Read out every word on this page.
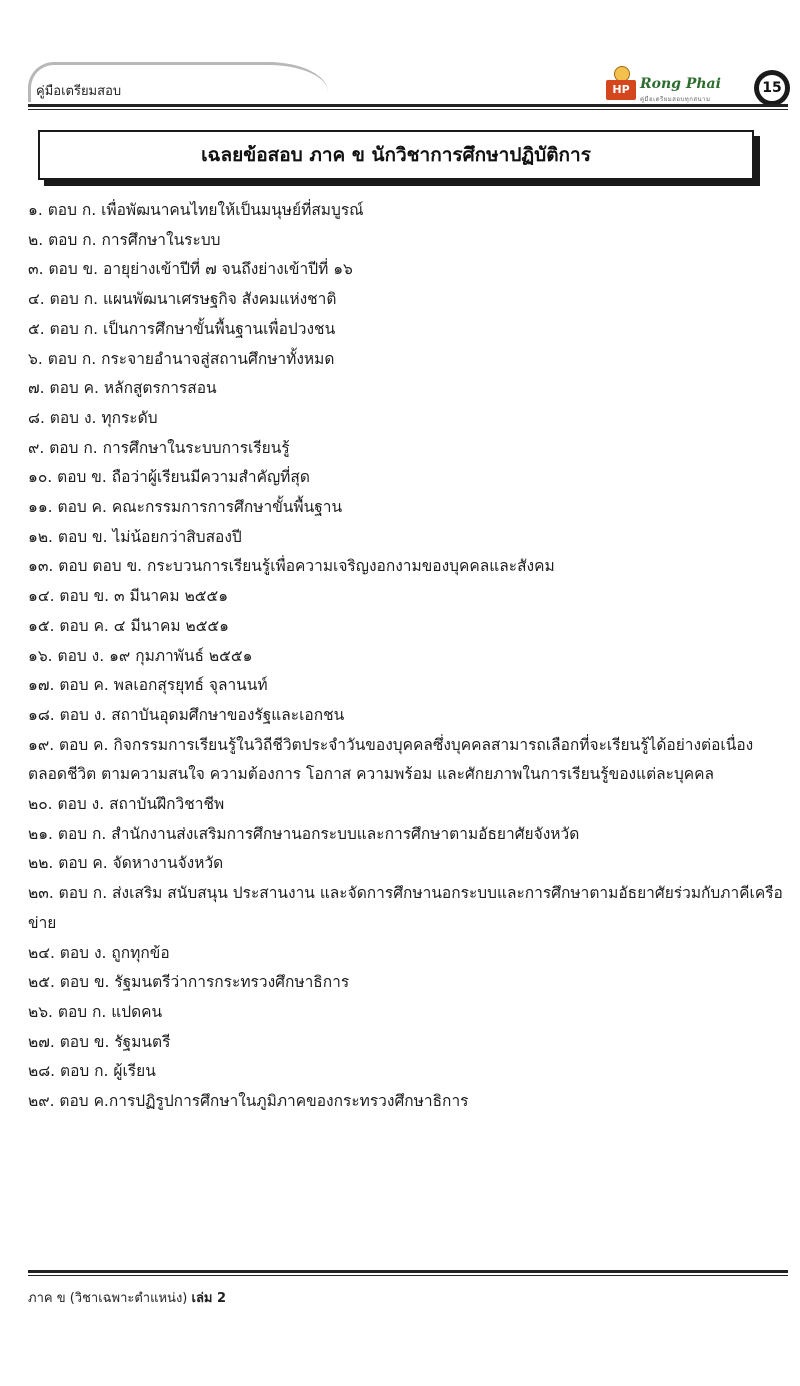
คู่มือเตรียมสอบ	HP Rong Phai
คู่มือเตรียมสอบทุกสนาม
15
เฉลยข้อสอบ ภาค ข นักวิชาการศึกษาปฏิบัติการ

๑. ตอบ ก. เพื่อพัฒนาคนไทยให้เป็นมนุษย์ที่สมบูรณ์

๒. ตอบ ก. การศึกษาในระบบ

๓. ตอบ ข. อายุย่างเข้าปีที่ ๗ จนถึงย่างเข้าปีที่ ๑๖

๔. ตอบ ก. แผนพัฒนาเศรษฐกิจ สังคมแห่งชาติ

๕. ตอบ ก. เป็นการศึกษาขั้นพื้นฐานเพื่อปวงชน

๖. ตอบ ก. กระจายอำนาจสู่สถานศึกษาทั้งหมด

๗. ตอบ ค. หลักสูตรการสอน

๘. ตอบ ง. ทุกระดับ

๙. ตอบ ก. การศึกษาในระบบการเรียนรู้

๑๐. ตอบ ข. ถือว่าผู้เรียนมีความสำคัญที่สุด

๑๑. ตอบ ค. คณะกรรมการการศึกษาขั้นพื้นฐาน

๑๒. ตอบ ข. ไม่น้อยกว่าสิบสองปี

๑๓. ตอบ ตอบ ข. กระบวนการเรียนรู้เพื่อความเจริญงอกงามของบุคคลและสังคม

๑๔. ตอบ ข. ๓ มีนาคม ๒๕๕๑

๑๕. ตอบ ค. ๔ มีนาคม ๒๕๕๑

๑๖. ตอบ ง. ๑๙ กุมภาพันธ์ ๒๕๕๑

๑๗. ตอบ ค. พลเอกสุรยุทธ์ จุลานนท์

๑๘. ตอบ ง. สถาบันอุดมศึกษาของรัฐและเอกชน

๑๙. ตอบ ค. กิจกรรมการเรียนรู้ในวิถีชีวิตประจำวันของบุคคลซึ่งบุคคลสามารถเลือกที่จะเรียนรู้ได้อย่างต่อเนื่องตลอดชีวิต ตามความสนใจ ความต้องการ โอกาส ความพร้อม และศักยภาพในการเรียนรู้ของแต่ละบุคคล

๒๐. ตอบ ง. สถาบันฝึกวิชาชีพ

๒๑. ตอบ ก. สำนักงานส่งเสริมการศึกษานอกระบบและการศึกษาตามอัธยาศัยจังหวัด

๒๒. ตอบ ค. จัดหางานจังหวัด

๒๓. ตอบ ก. ส่งเสริม สนับสนุน ประสานงาน และจัดการศึกษานอกระบบและการศึกษาตามอัธยาศัยร่วมกับภาคีเครือข่าย

๒๔. ตอบ ง. ถูกทุกข้อ

๒๕. ตอบ ข. รัฐมนตรีว่าการกระทรวงศึกษาธิการ

๒๖. ตอบ ก. แปดคน

๒๗. ตอบ ข. รัฐมนตรี

๒๘. ตอบ ก. ผู้เรียน

๒๙. ตอบ ค.การปฏิรูปการศึกษาในภูมิภาคของกระทรวงศึกษาธิการ

ภาค ข (วิชาเฉพาะตำแหน่ง) เล่ม 2
